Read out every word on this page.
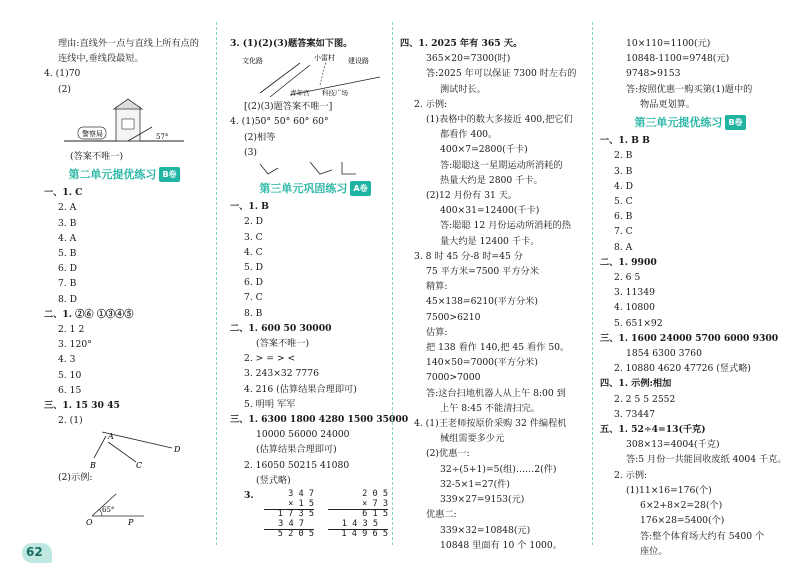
理由:直线外一点与直线上所有点的
连线中,垂线段最短。
4. (1)70
(2)
警察局	57°
(答案不唯一)
第二单元提优练习 B卷
一、1. C
2. A
3. B
4. A
5. B
6. D
7. B
8. D
二、1. ②⑥ ①③④⑤
2. 1 2
3. 120°
4. 3
5. 10
6. 15
三、1. 15 30 45
2. (1)
A
B	C
D
(2)示例:
65°
O	P
3. (1)(2)(3)题答案如下图。
文化路	小雷村 建设路
青年宫 科技广场
[(2)(3)题答案不唯一]
4. (1)50° 50° 60° 60°
(2)相等
(3)
第三单元巩固练习 A卷
一、1. B
2. D
3. C
4. C
5. D
6. D
7. C
8. B
二、1. 600 50 30000
(答案不唯一)
2. > = > <
3. 243×32 7776
4. 216 (估算结果合理即可)
5. 明明 军军
三、1. 6300 1800 4280 1500 35000
10000 56000 24000
(估算结果合理即可)
2. 16050 50215 41080
(竖式略)
3.	3 4 7
× 1 5
1 7 3 5
3 4 7
5 2 0 5
2 0 5
× 7 3
6 1 5
1 4 3 5
1 4 9 6 5
四、1. 2025 年有 365 天。
365×20=7300(时)
答:2025 年可以保证 7300 时左右的
测试时长。
2. 示例:
(1)表格中的数大多接近 400,把它们
都看作 400。
400×7=2800(千卡)
答:聪聪这一星期运动所消耗的
热量大约是 2800 千卡。
(2)12 月份有 31 天。
400×31=12400(千卡)
答:聪聪 12 月份运动所消耗的热
量大约是 12400 千卡。
3. 8 时 45 分-8 时=45 分
75 平方米=7500 平方分米
精算:
45×138=6210(平方分米)
7500>6210
估算:
把 138 看作 140,把 45 看作 50。
140×50=7000(平方分米)
7000>7000
答:这台扫地机器人从上午 8:00 到
上午 8:45 不能清扫完。
4. (1)王老师按原价采购 32 件编程机
械组需要多少元
(2)优惠一:
32÷(5+1)=5(组)……2(件)
32-5×1=27(件)
339×27=9153(元)
优惠二:
339×32=10848(元)
10848 里面有 10 个 1000。
10×110=1100(元)
10848-1100=9748(元)
9748>9153
答:按照优惠一购买第(1)题中的
物品更划算。
第三单元提优练习 B卷
一、1. B B
2. B
3. B
4. D
5. C
6. B
7. C
8. A
二、1. 9900
2. 6 5
3. 11349
4. 10800
5. 651×92
三、1. 1600 24000 5700 6000 9300
1854 6300 3760
2. 10880 4620 47726 (竖式略)
四、1. 示例:相加
2. 2 5 5 2552
3. 73447
五、1. 52÷4=13(千克)
308×13=4004(千克)
答:5 月份一共能回收废纸 4004 千克。
2. 示例:
(1)11×16=176(个)
6×2+8×2=28(个)
176×28=5400(个)
答:整个体育场大约有 5400 个
座位。
62
